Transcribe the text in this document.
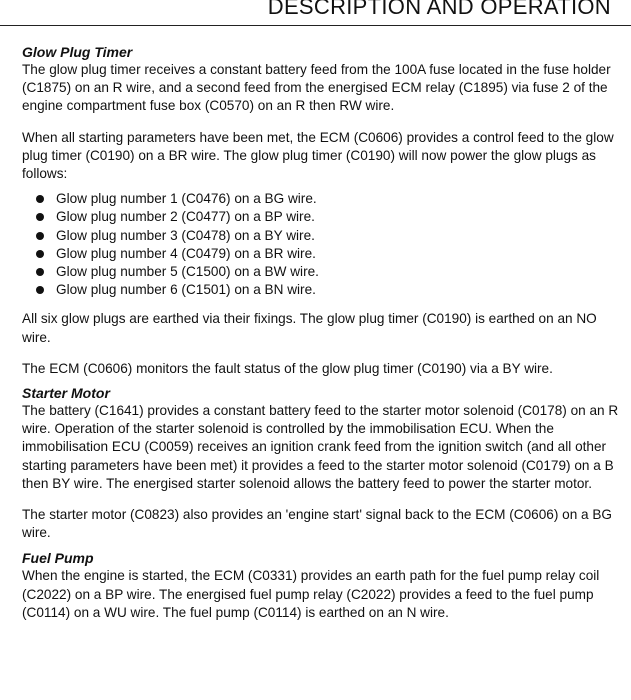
DESCRIPTION AND OPERATION
Glow Plug Timer

The glow plug timer receives a constant battery feed from the 100A fuse located in the fuse holder (C1875) on an R wire, and a second feed from the energised ECM relay (C1895) via fuse 2 of the engine compartment fuse box (C0570) on an R then RW wire.

When all starting parameters have been met, the ECM (C0606) provides a control feed to the glow plug timer (C0190) on a BR wire. The glow plug timer (C0190) will now power the glow plugs as follows:

Glow plug number 1 (C0476) on a BG wire.
Glow plug number 2 (C0477) on a BP wire.
Glow plug number 3 (C0478) on a BY wire.
Glow plug number 4 (C0479) on a BR wire.
Glow plug number 5 (C1500) on a BW wire.
Glow plug number 6 (C1501) on a BN wire.

All six glow plugs are earthed via their fixings. The glow plug timer (C0190) is earthed on an NO wire.

The ECM (C0606) monitors the fault status of the glow plug timer (C0190) via a BY wire.

Starter Motor

The battery (C1641) provides a constant battery feed to the starter motor solenoid (C0178) on an R wire. Operation of the starter solenoid is controlled by the immobilisation ECU. When the immobilisation ECU (C0059) receives an ignition crank feed from the ignition switch (and all other starting parameters have been met) it provides a feed to the starter motor solenoid (C0179) on a B then BY wire. The energised starter solenoid allows the battery feed to power the starter motor.

The starter motor (C0823) also provides an 'engine start' signal back to the ECM (C0606) on a BG wire.

Fuel Pump

When the engine is started, the ECM (C0331) provides an earth path for the fuel pump relay coil (C2022) on a BP wire. The energised fuel pump relay (C2022) provides a feed to the fuel pump (C0114) on a WU wire. The fuel pump (C0114) is earthed on an N wire.
